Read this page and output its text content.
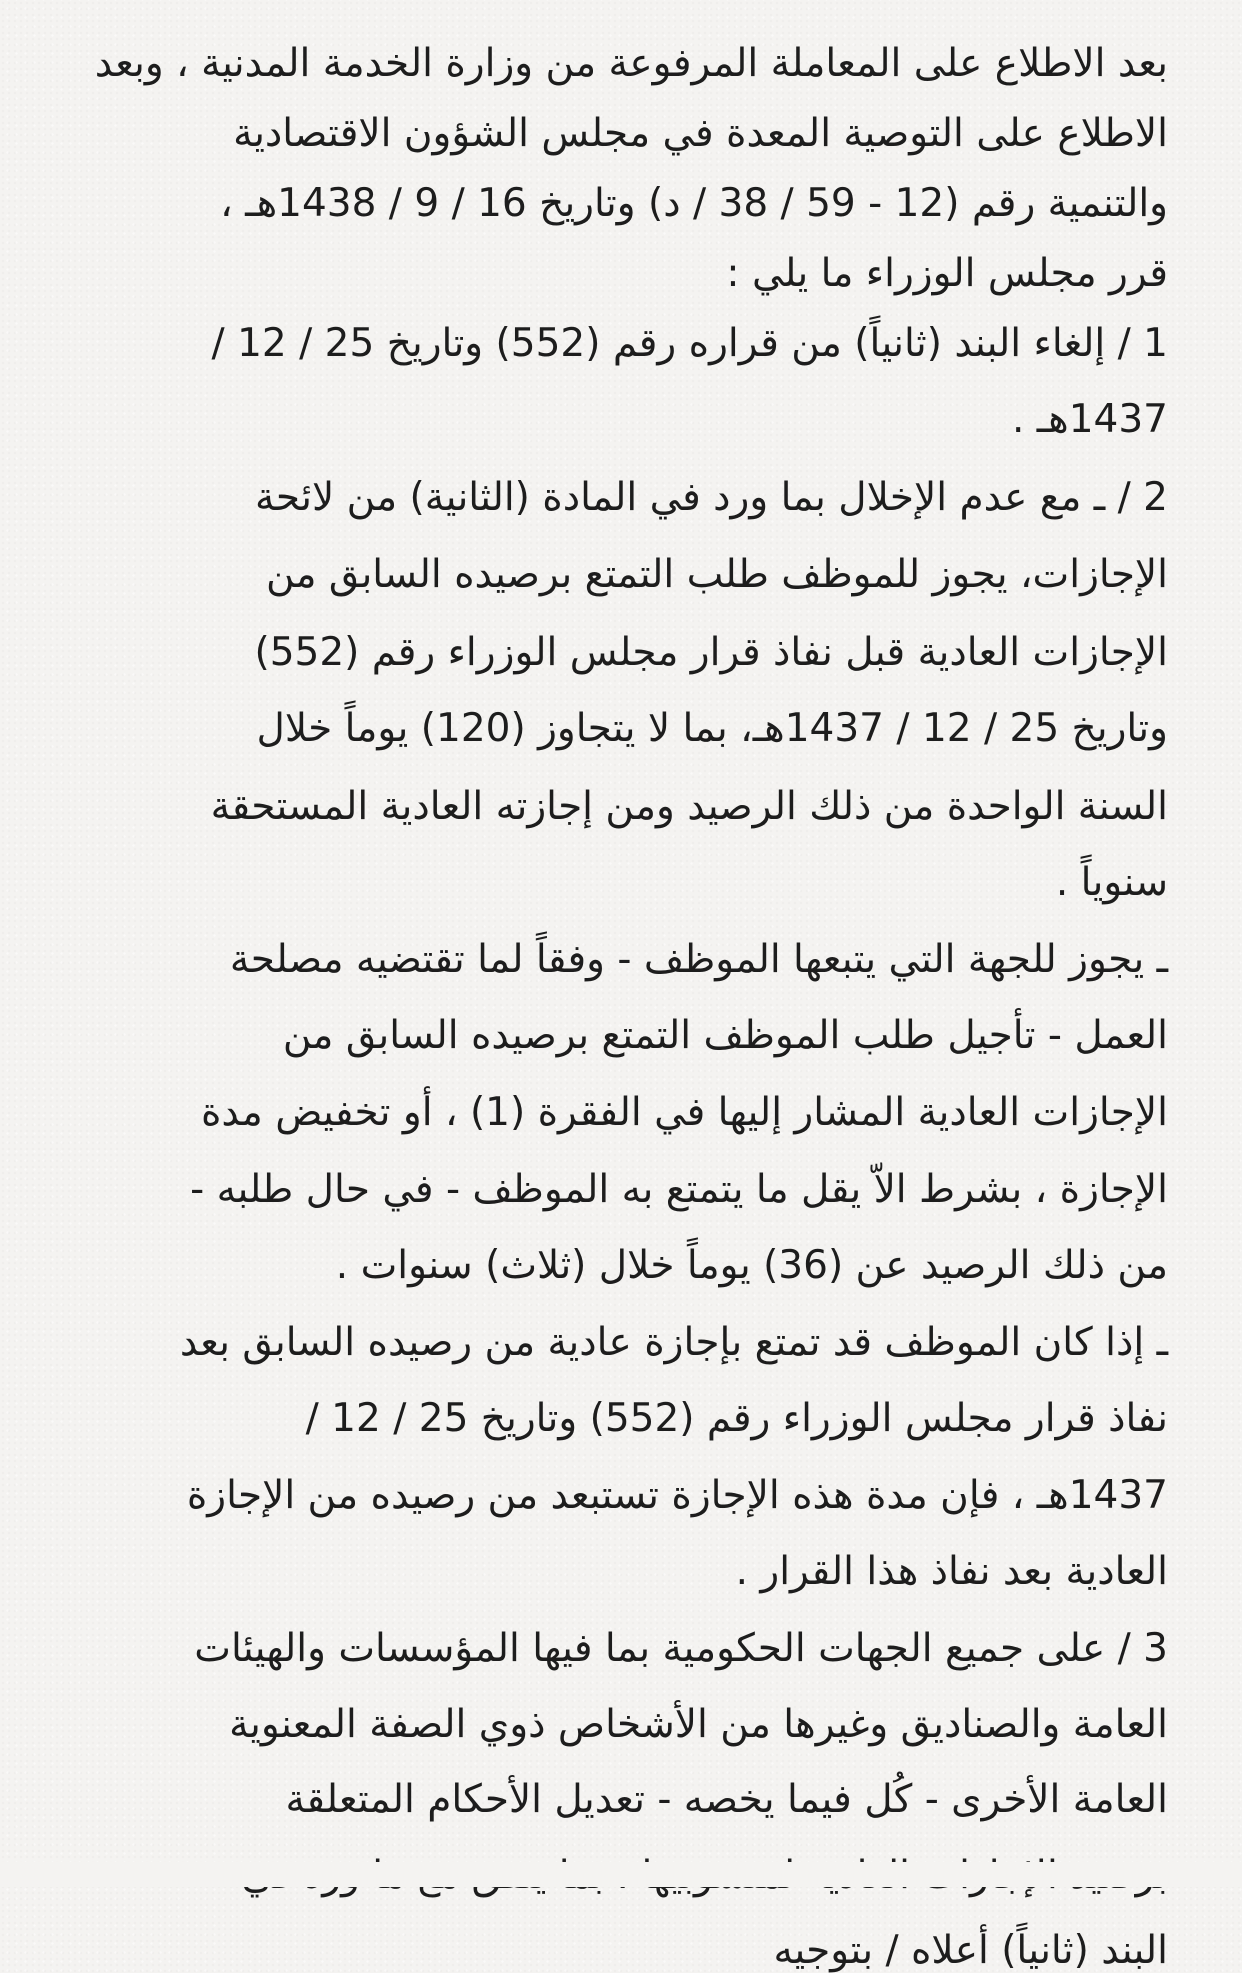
بعد الاطلاع على المعاملة المرفوعة من وزارة الخدمة المدنية ، وبعد
الاطلاع على التوصية المعدة في مجلس الشؤون الاقتصادية
والتنمية رقم (12 - 59 / 38 / د) وتاريخ 16 / 9 / 1438هـ ،
قرر مجلس الوزراء ما يلي :
1 / إلغاء البند (ثانياً) من قراره رقم (552) وتاريخ 25 / 12 /
1437هـ .
2 / ـ مع عدم الإخلال بما ورد في المادة (الثانية) من لائحة
الإجازات، يجوز للموظف طلب التمتع برصيده السابق من
الإجازات العادية قبل نفاذ قرار مجلس الوزراء رقم (552)
وتاريخ 25 / 12 / 1437هـ، بما لا يتجاوز (120) يوماً خلال
السنة الواحدة من ذلك الرصيد ومن إجازته العادية المستحقة
سنوياً .
ـ يجوز للجهة التي يتبعها الموظف - وفقاً لما تقتضيه مصلحة
العمل - تأجيل طلب الموظف التمتع برصيده السابق من
الإجازات العادية المشار إليها في الفقرة (1) ، أو تخفيض مدة
الإجازة ، بشرط الاّ يقل ما يتمتع به الموظف - في حال طلبه -
من ذلك الرصيد عن (36) يوماً خلال (ثلاث) سنوات .
ـ إذا كان الموظف قد تمتع بإجازة عادية من رصيده السابق بعد
نفاذ قرار مجلس الوزراء رقم (552) وتاريخ 25 / 12 /
1437هـ ، فإن مدة هذه الإجازة تستبعد من رصيده من الإجازة
العادية بعد نفاذ هذا القرار .
3 / على جميع الجهات الحكومية بما فيها المؤسسات والهيئات
العامة والصناديق وغيرها من الأشخاص ذوي الصفة المعنوية
العامة الأخرى - كُل فيما يخصه - تعديل الأحكام المتعلقة
البند (ثانياً) أعلاه / بتوجيه
